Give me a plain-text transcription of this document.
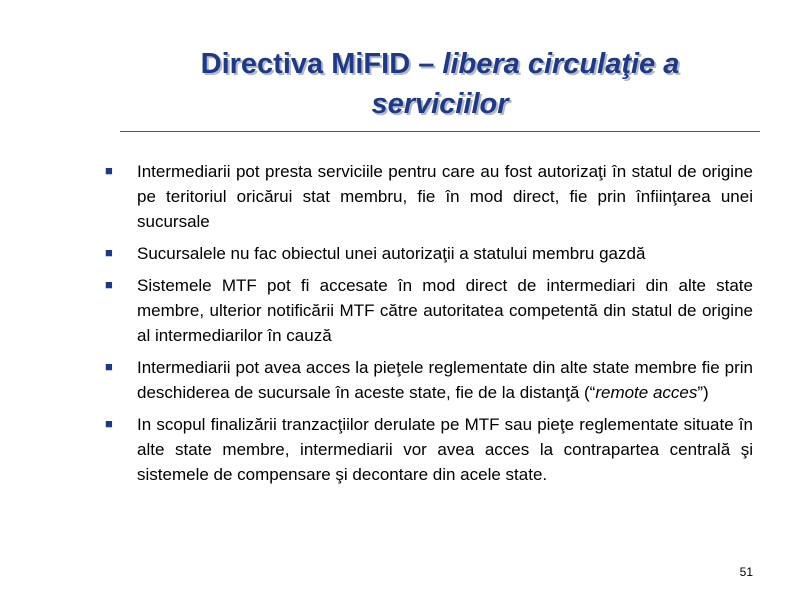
Directiva MiFID – libera circulaţie a
serviciilor
■ Intermediarii pot presta serviciile pentru care au fost autorizaţi în statul de origine pe teritoriul oricărui stat membru, fie în mod direct, fie prin înfiinţarea unei sucursale
■ Sucursalele nu fac obiectul unei autorizaţii a statului membru gazdă
■ Sistemele MTF pot fi accesate în mod direct de intermediari din alte state membre, ulterior notificării MTF către autoritatea competentă din statul de origine al intermediarilor în cauză
■ Intermediarii pot avea acces la pieţele reglementate din alte state membre fie prin deschiderea de sucursale în aceste state, fie de la distanţă (“remote acces”)
■ In scopul finalizării tranzacţiilor derulate pe MTF sau pieţe reglementate situate în alte state membre, intermediarii vor avea acces la contrapartea centrală şi sistemele de compensare şi decontare din acele state.
51
